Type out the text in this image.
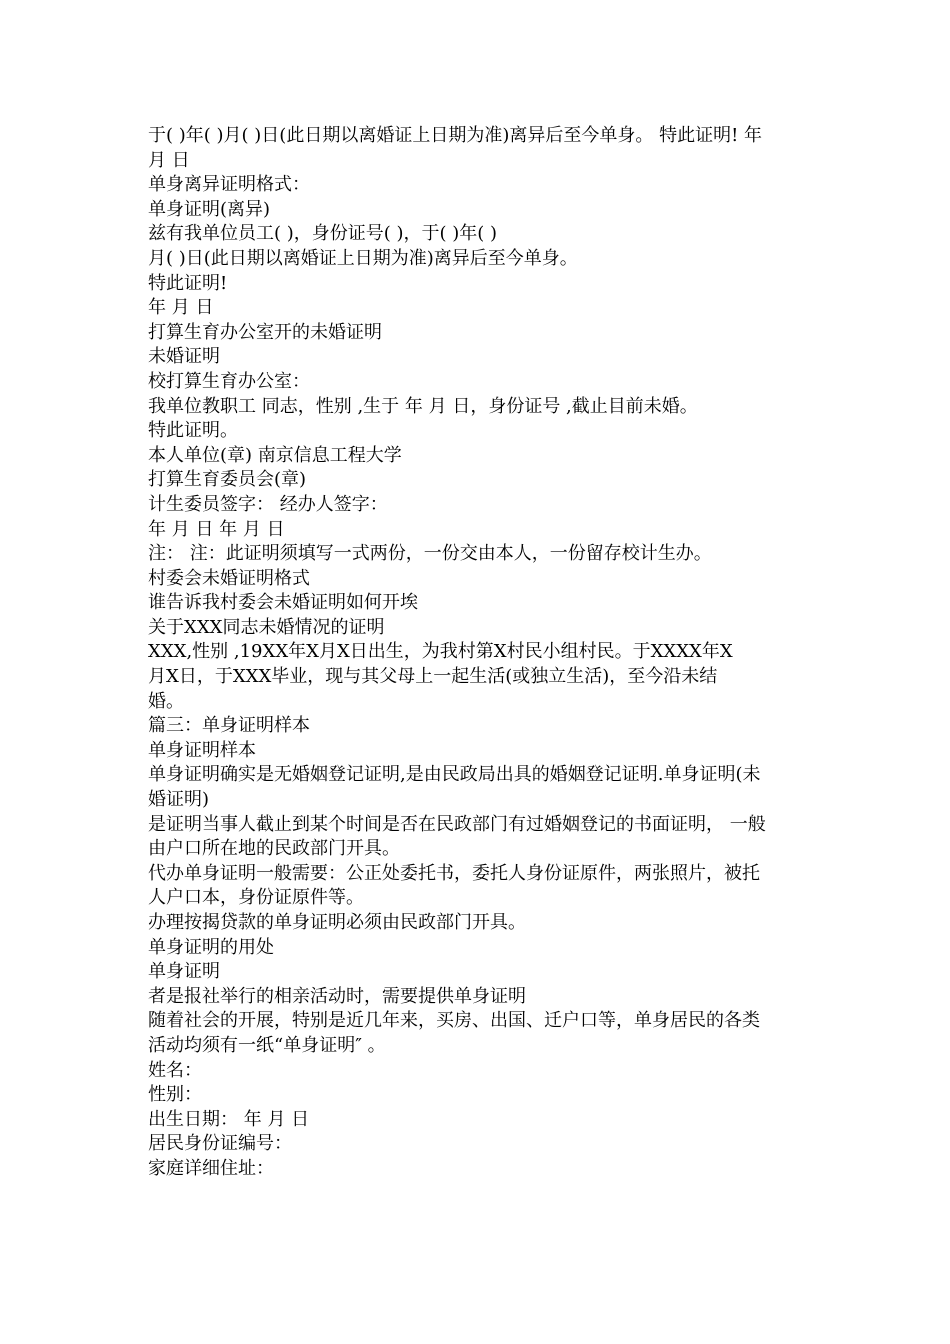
于( )年( )月( )日(此日期以离婚证上日期为准)离异后至今单身。 特此证明! 年

月 日

单身离异证明格式：

单身证明(离异)

兹有我单位员工( )，身份证号( )，于( )年( )

月( )日(此日期以离婚证上日期为准)离异后至今单身。

特此证明!

年 月 日

打算生育办公室开的未婚证明

未婚证明

校打算生育办公室：

我单位教职工 同志，性别 ,生于 年 月 日，身份证号 ,截止目前未婚。

特此证明。

本人单位(章) 南京信息工程大学

打算生育委员会(章)

计生委员签字： 经办人签字：

年 月 日 年 月 日

注： 注：此证明须填写一式两份，一份交由本人，一份留存校计生办。

村委会未婚证明格式

谁告诉我村委会未婚证明如何开埃

关于XXX同志未婚情况的证明

XXX,性别 ,19XX年X月X日出生，为我村第X村民小组村民。于XXXX年X

月X日，于XXX毕业，现与其父母上一起生活(或独立生活)，至今沿未结

婚。

篇三：单身证明样本

单身证明样本

单身证明确实是无婚姻登记证明,是由民政局出具的婚姻登记证明.单身证明(未

婚证明)

是证明当事人截止到某个时间是否在民政部门有过婚姻登记的书面证明， 一般

由户口所在地的民政部门开具。

代办单身证明一般需要：公正处委托书，委托人身份证原件，两张照片，被托

人户口本，身份证原件等。

办理按揭贷款的单身证明必须由民政部门开具。

单身证明的用处

单身证明

者是报社举行的相亲活动时，需要提供单身证明

随着社会的开展，特别是近几年来，买房、出国、迁户口等，单身居民的各类

活动均须有一纸“单身证明″ 。

姓名：

性别：

出生日期： 年 月 日

居民身份证编号：

家庭详细住址：
